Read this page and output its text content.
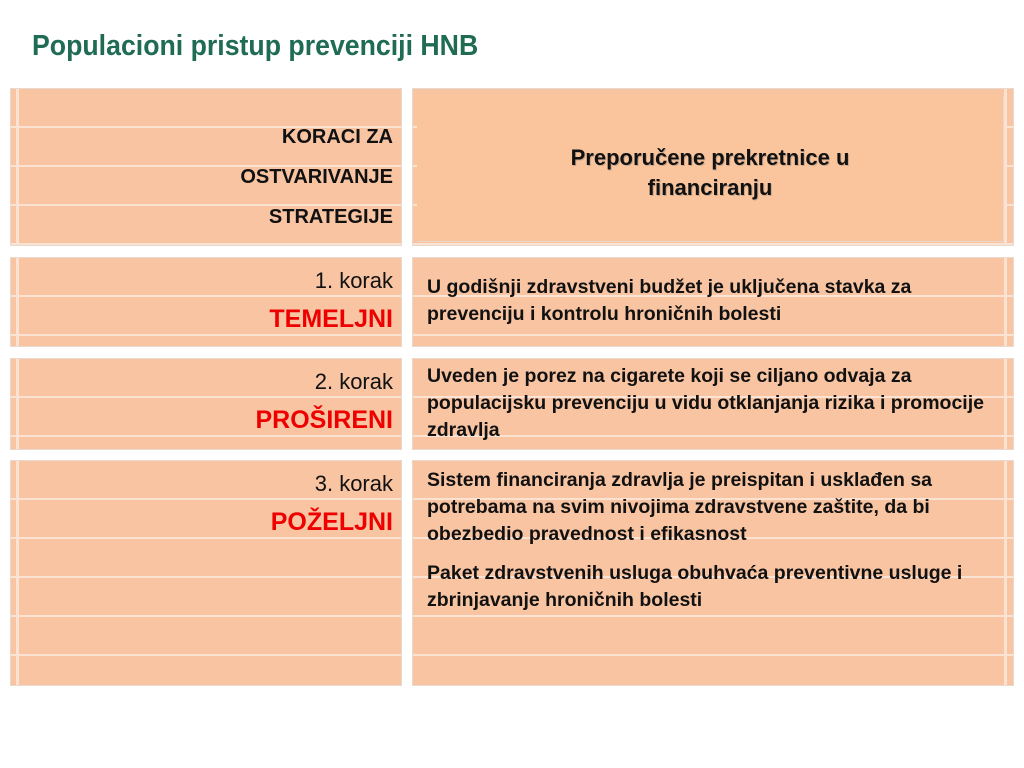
Populacioni pristup prevenciji HNB
KORACI ZA
OSTVARIVANJE
STRATEGIJE
Preporučene prekretnice u
financiranju
1. korak
TEMELJNI

U godišnji zdravstveni budžet je uključena stavka za prevenciju i kontrolu hroničnih bolesti

2. korak
PROŠIRENI

Uveden je porez na cigarete koji se ciljano odvaja za populacijsku prevenciju u vidu otklanjanja rizika i promocije zdravlja

3. korak
POŽELJNI

Sistem financiranja zdravlja je preispitan i usklađen sa potrebama na svim nivojima zdravstvene zaštite, da bi obezbedio pravednost i efikasnost

Paket zdravstvenih usluga obuhvaća preventivne usluge i zbrinjavanje hroničnih bolesti
